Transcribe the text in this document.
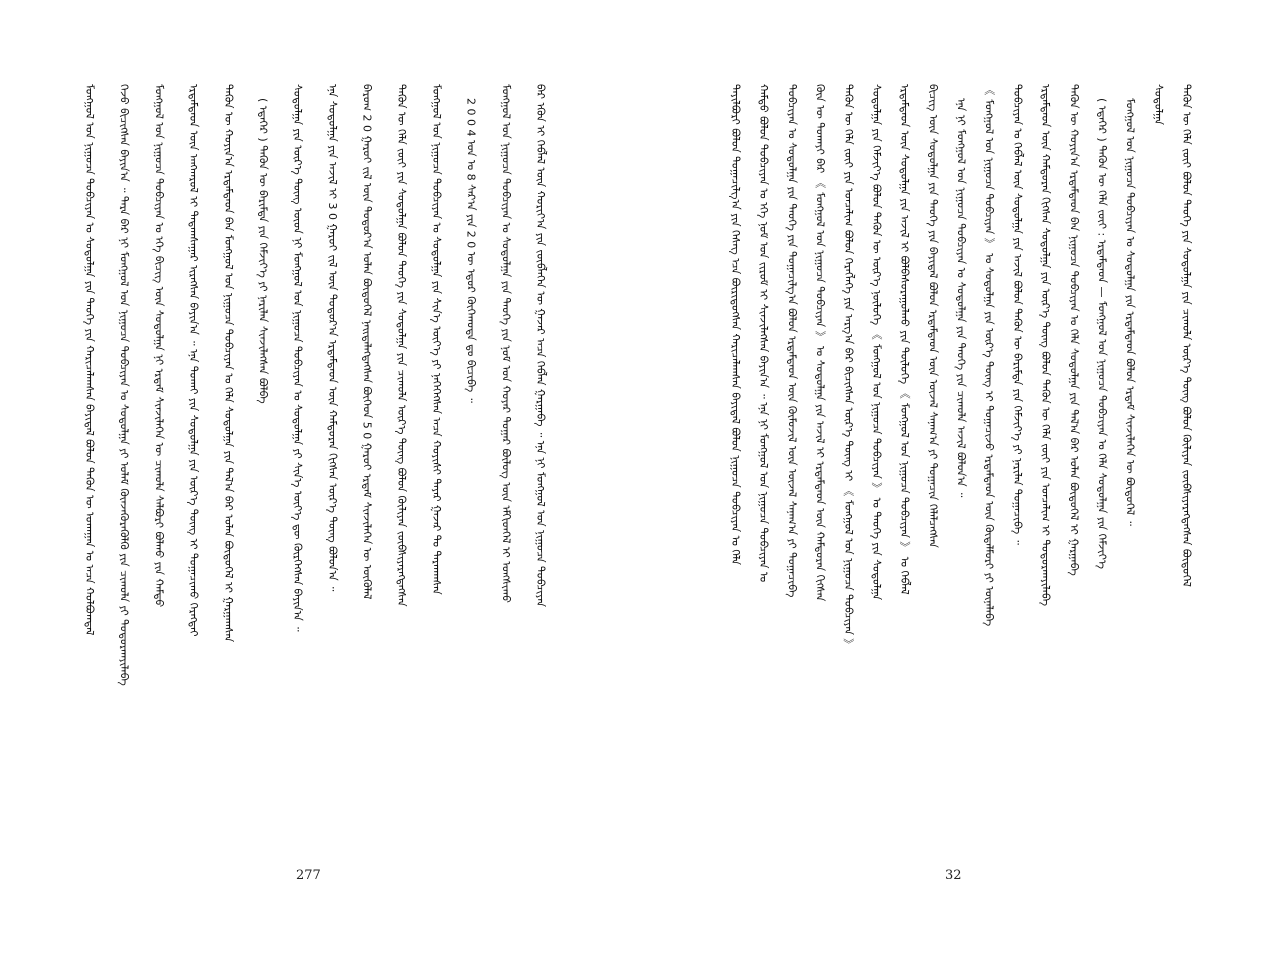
ᠮᠣᠩᠭᠣᠯ ᠤᠨ ᠨᠢᠭᠤᠴᠠ ᠲᠣᠪᠴᠢᠶᠠᠨ ᠤ ᠰᠤᠳᠤᠯᠭᠠ ᠶᠢᠨ ᠲᠡᠦᠬᠡ ᠶᠢᠨ ᠬᠠᠷᠢᠴᠠᠯᠠᠭᠰᠠᠨ ᠪᠠᠶᠢᠳᠠᠯ ᠪᠣᠯᠤᠨ ᠲᠡᠭᠦᠨ ᠦ ᠤᠬᠠᠭᠠᠨ ᠤ ᠠᠴᠠ ᠬᠣᠯᠪᠣᠭᠳᠠᠯ ᠭᠡᠵᠦ ᠪᠢᠴᠢᠭᠰᠡᠨ ᠪᠠᠶᠢᠨ᠎ᠠ ᠃ ᠲᠡᠷᠡ ᠪᠡᠷ ᠨᠢ ᠮᠣᠩᠭᠣᠯ ᠤᠨ ᠨᠢᠭᠤᠴᠠ ᠲᠣᠪᠴᠢᠶᠠᠨ ᠤ ᠰᠤᠳᠤᠯᠭᠠ ᠶᠢ ᠤᠯᠠᠮ ᠭᠦᠨᠵᠡᠭᠦᠷᠡᠭᠦᠯᠬᠦ ᠶᠢᠨ ᠴᠢᠬᠤᠯᠠ ᠶᠢ ᠲᠣᠳᠣᠷᠬᠠᠶᠢᠯᠠᠪᠠ ᠮᠣᠩᠭᠣᠯ ᠤᠨ ᠨᠢᠭᠤᠴᠠ ᠲᠣᠪᠴᠢᠶᠠᠨ ᠤ ᠡᠬᠡ ᠪᠢᠴᠢᠭ ᠦᠨ ᠰᠤᠳᠤᠯᠭᠠ ᠨᠢ ᠡᠷᠳᠡᠮ ᠰᠢᠨᠵᠢᠯᠡᠭᠡᠨ ᠦ ᠴᠢᠬᠤᠯᠠ ᠰᠠᠯᠪᠤᠷᠢ ᠪᠣᠯᠬᠤ ᠶᠢᠨ ᠬᠠᠮᠲᠤ ᠡᠷᠳᠡᠮᠲᠡᠳ ᠦᠨ ᠠᠩᠬᠠᠷᠤᠯ ᠢ ᠲᠠᠲᠠᠭᠰᠠᠭᠠᠷ ᠢᠷᠡᠭᠰᠡᠨ ᠪᠠᠶᠢᠨ᠎ᠠ ᠃ ᠡᠨᠡ ᠲᠤᠬᠠᠢ ᠶᠢᠨ ᠰᠤᠳᠤᠯᠭᠠ ᠶᠢᠨ ᠦᠷ᠎ᠡ ᠳᠦᠩ ᠢ ᠲᠣᠭᠠᠴᠢᠬᠤ ᠬᠡᠷᠡᠭᠲᠡᠢ ᠲᠡᠭᠦᠨ ᠦ ᠬᠣᠶᠢᠨ᠎ᠠ ᠡᠷᠳᠡᠮᠲᠡᠳ ᠪᠡᠨ ᠮᠣᠩᠭᠣᠯ ᠤᠨ ᠨᠢᠭᠤᠴᠠ ᠲᠣᠪᠴᠢᠶᠠᠨ ᠤ ᠬᠡᠯᠡ ᠰᠤᠳᠤᠯᠭᠠ ᠶᠢᠨ ᠲᠠᠯ᠎ᠠ ᠪᠠᠷ ᠣᠯᠠᠨ ᠪᠦᠲᠦᠭᠡᠯ ᠢ ᠭᠠᠷᠭᠠᠭᠰᠠᠨ ( ᠡᠳᠡᠭᠡᠷ ) ᠲᠡᠭᠦᠨ ᠦ ᠪᠠᠷᠢᠮᠲᠠ ᠶᠢᠨ ᠬᠡᠮᠵᠢᠶ᠎ᠡ ᠶᠢ ᠨᠠᠷᠢᠯᠠᠨ ᠰᠢᠨᠵᠢᠯᠡᠭᠰᠡᠨ ᠪᠣᠯᠪᠠ ᠰᠤᠳᠤᠯᠭᠠ ᠶᠢᠨ ᠦᠷ᠎ᠡ ᠳᠦᠩ ᠦᠳ ᠨᠢ ᠮᠣᠩᠭᠣᠯ ᠤᠨ ᠨᠢᠭᠤᠴᠠ ᠲᠣᠪᠴᠢᠶᠠᠨ ᠤ ᠰᠤᠳᠤᠯᠭᠠ ᠶᠢ ᠰᠢᠨ᠎ᠡ ᠦᠶ᠎ᠡ ᠳᠦ ᠬᠦᠷᠭᠡᠭᠰᠡᠨ ᠪᠠᠶᠢᠨ᠎ᠠ ᠃ ᠡᠨᠡ ᠰᠤᠳᠤᠯᠭᠠ ᠶᠢᠨ ᠠᠵᠢᠯ ᠢ 3 0 ᠭᠠᠷᠤᠢ ᠵᠢᠯ ᠦᠨ ᠳᠤᠲᠤᠷ᠎ᠠ ᠡᠷᠳᠡᠮᠲᠡᠳ ᠦᠨ ᠬᠠᠮᠲᠤᠷᠠᠨ ᠬᠢᠭᠰᠡᠨ ᠦᠷ᠎ᠡ ᠳᠦᠩ ᠪᠣᠯᠤᠨ᠎ᠠ ᠃ ᠪᠠᠷᠤᠭ 2 0 ᠭᠠᠷᠤᠢ ᠵᠢᠯ ᠦᠨ ᠳᠤᠲᠤᠷ᠎ᠠ ᠣᠯᠠᠨ ᠪᠦᠲᠦᠭᠡᠯ ᠨᠡᠢᠲᠡᠯᠡᠭᠳᠡᠭᠰᠡᠨ ᠪᠥᠭᠡᠳ 5 0 ᠭᠠᠷᠤᠢ ᠡᠷᠳᠡᠮ ᠰᠢᠨᠵᠢᠯᠡᠭᠡᠨ ᠦ ᠥᠭᠦᠯᠡᠯ ᠲᠡᠭᠦᠨ ᠦ ᠬᠡᠯᠡ ᠵᠦᠢ ᠶᠢᠨ ᠰᠤᠳᠤᠯᠭᠠ ᠪᠣᠯᠤᠨ ᠲᠡᠦᠬᠡ ᠶᠢᠨ ᠰᠤᠳᠤᠯᠭᠠ ᠶᠢᠨ ᠴᠢᠬᠤᠯᠠ ᠦᠷ᠎ᠡ ᠳᠦᠩ ᠪᠣᠯᠤᠨ ᠬᠦᠯᠢᠶᠡᠨ ᠵᠥᠪᠰᠢᠶᠡᠷᠡᠭᠳᠡᠭᠰᠡᠨ ᠮᠣᠩᠭᠣᠯ ᠤᠨ ᠨᠢᠭᠤᠴᠠ ᠲᠣᠪᠴᠢᠶᠠᠨ ᠤ ᠰᠤᠳᠤᠯᠭᠠ ᠶᠢᠨ ᠰᠢᠨ᠎ᠡ ᠦᠶ᠎ᠡ ᠶᠢ ᠨᠡᠭᠡᠭᠡᠭᠰᠡᠨ ᠠᠴᠠ ᠬᠣᠶᠢᠰᠢ ᠳᠠᠶᠠᠷ ᠭᠠᠵᠠᠷ ᠲᠤ ᠲᠠᠷᠬᠠᠭᠰᠠᠨ 2 0 0 4 ᠣᠨ ᠤ 8 ᠰᠠᠷ᠎ᠠ ᠶᠢᠨ 2 0 ᠦ ᠡᠳᠦᠷ ᠬᠥᠬᠡᠬᠣᠲᠠ ᠳᠤ ᠪᠢᠴᠢᠪᠡ ᠃ ᠮᠣᠩᠭᠣᠯ ᠤᠨ ᠨᠢᠭᠤᠴᠠ ᠲᠣᠪᠴᠢᠶᠠᠨ ᠤ ᠰᠤᠳᠤᠯᠭᠠ ᠶᠢᠨ ᠲᠡᠦᠬᠡ ᠶᠢᠨ ᠨᠣᠮ ᠤᠨ ᠬᠣᠶᠠᠷ ᠳᠤᠭᠠᠷ ᠪᠦᠯᠦᠭ ᠦᠨ ᠡᠮᠬᠢᠳᠬᠡᠯ ᠢ ᠤᠩᠰᠢᠬᠤ ᠪᠠᠷ ᠡᠭᠦᠨ ᠢ ᠬᠡᠪᠯᠡᠯ ᠦᠨ ᠬᠣᠷᠢᠶ᠎ᠠ ᠶᠢᠨ ᠵᠥᠪᠯᠡᠭᠡᠨ ᠦ ᠭᠠᠵᠠᠷ ᠠᠴᠠ ᠬᠡᠪᠯᠡᠨ ᠭᠠᠷᠭᠠᠪᠠ ᠃ ᠡᠨᠡ ᠨᠢ ᠮᠣᠩᠭᠣᠯ ᠤᠨ ᠨᠢᠭᠤᠴᠠ ᠲᠣᠪᠴᠢᠶᠠᠨ
277
ᠲᠠᠶᠢᠯᠪᠤᠷᠢ ᠪᠣᠯᠤᠨ ᠲᠣᠭᠠᠴᠢᠯᠭ᠎ᠠ ᠶᠢᠨ ᠬᠡᠰᠡᠭ ᠡᠴᠡ ᠪᠦᠷᠢᠳᠦᠭᠰᠡᠨ ᠬᠠᠷᠢᠴᠠᠯᠠᠭᠰᠠᠨ ᠪᠠᠶᠢᠳᠠᠯ ᠪᠣᠯᠤᠨ ᠨᠢᠭᠤᠴᠠ ᠲᠣᠪᠴᠢᠶᠠᠨ ᠤ ᠬᠡᠯᠡ ᠬᠠᠮᠲᠤ ᠪᠣᠯᠤᠨ ᠲᠣᠪᠴᠢᠶᠠᠨ ᠤ ᠡᠬᠡ ᠨᠣᠮ ᠤᠨ ᠵᠢᠷᠤᠮ ᠢ ᠰᠢᠨᠵᠢᠯᠡᠭᠰᠡᠨ ᠪᠠᠶᠢᠨ᠎ᠠ ᠃ ᠡᠨᠡ ᠨᠢ ᠮᠣᠩᠭᠣᠯ ᠤᠨ ᠨᠢᠭᠤᠴᠠ ᠲᠣᠪᠴᠢᠶᠠᠨ ᠤ ᠲᠣᠪᠴᠢᠶᠠᠨ ᠤ ᠰᠤᠳᠤᠯᠭᠠ ᠶᠢᠨ ᠲᠡᠦᠬᠡ ᠶᠢᠨ ᠲᠣᠭᠠᠴᠢᠯᠭ᠎ᠠ ᠪᠣᠯᠤᠨ ᠡᠷᠳᠡᠮᠲᠡᠳ ᠦᠨ ᠬᠦᠮᠦᠵᠢᠯ ᠦᠨ ᠦᠵᠡᠯ ᠰᠠᠨᠠᠭ᠎ᠠ ᠶᠢ ᠲᠣᠭᠠᠴᠢᠪᠠ ᠭᠦᠨ ᠦ ᠲᠤᠬᠠᠶᠢ ᠪᠠᠷ 《 ᠮᠣᠩᠭᠣᠯ ᠤᠨ ᠨᠢᠭᠤᠴᠠ ᠲᠣᠪᠴᠢᠶᠠᠨ 》 ᠤ ᠰᠤᠳᠤᠯᠭᠠ ᠶᠢᠨ ᠠᠵᠢᠯ ᠢ ᠡᠷᠳᠡᠮᠲᠡᠳ ᠦᠨ ᠬᠠᠮᠲᠤᠷᠠᠨ ᠬᠢᠭᠰᠡᠨ ᠲᠡᠭᠦᠨ ᠦ ᠬᠡᠯᠡ ᠵᠦᠢ ᠶᠢᠨ ᠣᠨᠴᠠᠯᠢᠭ ᠪᠣᠯᠤᠨ ᠬᠡᠷᠡᠭᠯᠡᠭᠡ ᠶᠢᠨ ᠠᠷᠭ᠎ᠠ ᠪᠠᠷ ᠪᠢᠴᠢᠭᠰᠡᠨ ᠦᠷ᠎ᠡ ᠳᠦᠩ ᠢ 《 ᠮᠣᠩᠭᠣᠯ ᠤᠨ ᠨᠢᠭᠤᠴᠠ ᠲᠣᠪᠴᠢᠶᠠᠨ 》 ᠰᠤᠳᠤᠯᠭᠠ ᠶᠢᠨ ᠬᠡᠮᠵᠢᠶ᠎ᠡ ᠪᠣᠯᠤᠨ ᠲᠡᠭᠦᠨ ᠦ ᠦᠷ᠎ᠡ ᠨᠥᠯᠦᠭᠡ 《 ᠮᠣᠩᠭᠣᠯ ᠤᠨ ᠨᠢᠭᠤᠴᠠ ᠲᠣᠪᠴᠢᠶᠠᠨ 》 ᠤ ᠲᠡᠦᠬᠡ ᠶᠢᠨ ᠰᠤᠳᠤᠯᠭᠠ ᠡᠷᠳᠡᠮᠲᠡᠳ ᠦᠨ ᠰᠤᠳᠤᠯᠭᠠ ᠶᠢᠨ ᠠᠵᠢᠯ ᠢ ᠪᠣᠯᠪᠠᠰᠤᠷᠠᠭᠤᠯᠬᠤ ᠶᠢᠨ ᠲᠥᠯᠦᠭᠡ 《 ᠮᠣᠩᠭᠣᠯ ᠤᠨ ᠨᠢᠭᠤᠴᠠ ᠲᠣᠪᠴᠢᠶᠠᠨ 》 ᠤ ᠬᠡᠪᠯᠡᠯ ᠪᠢᠴᠢᠭ ᠦᠨ ᠰᠤᠳᠤᠯᠭᠠ ᠶᠢᠨ ᠲᠡᠦᠬᠡ ᠶᠢᠨ ᠪᠠᠶᠢᠳᠠᠯ ᠪᠣᠯᠤᠨ ᠡᠷᠳᠡᠮᠲᠡᠳ ᠦᠨ ᠦᠵᠡᠯ ᠰᠠᠨᠠᠭ᠎ᠠ ᠶᠢ ᠲᠣᠭᠠᠴᠢᠨ ᠬᠡᠯᠡᠯᠴᠡᠭᠰᠡᠨ ᠡᠨᠡ ᠨᠢ ᠮᠣᠩᠭᠣᠯ ᠤᠨ ᠨᠢᠭᠤᠴᠠ ᠲᠣᠪᠴᠢᠶᠠᠨ ᠤ ᠰᠤᠳᠤᠯᠭᠠ ᠶᠢᠨ ᠲᠡᠦᠬᠡ ᠶᠢᠨ ᠴᠢᠬᠤᠯᠠ ᠠᠵᠢᠯ ᠪᠣᠯᠤᠨ᠎ᠠ ᠃ 《 ᠮᠣᠩᠭᠣᠯ ᠤᠨ ᠨᠢᠭᠤᠴᠠ ᠲᠣᠪᠴᠢᠶᠠᠨ 》 ᠤ ᠰᠤᠳᠤᠯᠭᠠ ᠶᠢᠨ ᠦᠷ᠎ᠡ ᠳᠦᠩ ᠢ ᠲᠣᠭᠠᠴᠢᠵᠤ ᠡᠷᠳᠡᠮᠲᠡᠳ ᠦᠨ ᠬᠥᠳᠡᠯᠮᠦᠷᠢ ᠶᠢ ᠦᠨᠡᠯᠡᠪᠡ ᠲᠣᠪᠴᠢᠶᠠᠨ ᠤ ᠬᠡᠪᠯᠡᠯ ᠦᠨ ᠰᠤᠳᠤᠯᠭᠠ ᠶᠢᠨ ᠠᠵᠢᠯ ᠪᠣᠯᠤᠨ ᠲᠡᠭᠦᠨ ᠦ ᠪᠠᠷᠢᠮᠲᠠ ᠶᠢᠨ ᠬᠡᠮᠵᠢᠶ᠎ᠡ ᠶᠢ ᠨᠠᠷᠢᠯᠠᠨ ᠲᠣᠭᠠᠴᠢᠪᠠ ᠃ ᠡᠷᠳᠡᠮᠲᠡᠳ ᠦᠨ ᠬᠠᠮᠲᠤᠷᠠᠨ ᠬᠢᠭᠰᠡᠨ ᠰᠤᠳᠤᠯᠭᠠ ᠶᠢᠨ ᠦᠷ᠎ᠡ ᠳᠦᠩ ᠪᠣᠯᠤᠨ ᠲᠡᠭᠦᠨ ᠦ ᠬᠡᠯᠡ ᠵᠦᠢ ᠶᠢᠨ ᠣᠨᠴᠠᠯᠢᠭ ᠢ ᠲᠣᠳᠣᠷᠬᠠᠶᠢᠯᠠᠪᠠ ᠲᠡᠭᠦᠨ ᠦ ᠬᠣᠶᠢᠨ᠎ᠠ ᠡᠷᠳᠡᠮᠲᠡᠳ ᠪᠡᠨ ᠨᠢᠭᠤᠴᠠ ᠲᠣᠪᠴᠢᠶᠠᠨ ᠤ ᠬᠡᠯᠡ ᠰᠤᠳᠤᠯᠭᠠ ᠶᠢᠨ ᠲᠠᠯ᠎ᠠ ᠪᠠᠷ ᠣᠯᠠᠨ ᠪᠦᠲᠦᠭᠡᠯ ᠢ ᠭᠠᠷᠭᠠᠪᠠ ( ᠡᠳᠡᠭᠡᠷ ) ᠲᠡᠭᠦᠨ ᠦ ᠬᠡᠯᠡ ᠵᠦᠢ : ᠡᠷᠳᠡᠮᠲᠡᠳ — ᠮᠣᠩᠭᠣᠯ ᠤᠨ ᠨᠢᠭᠤᠴᠠ ᠲᠣᠪᠴᠢᠶᠠᠨ ᠤ ᠬᠡᠯᠡ ᠰᠤᠳᠤᠯᠭᠠ ᠶᠢᠨ ᠬᠡᠮᠵᠢᠶ᠎ᠡ ᠮᠣᠩᠭᠣᠯ ᠤᠨ ᠨᠢᠭᠤᠴᠠ ᠲᠣᠪᠴᠢᠶᠠᠨ ᠤ ᠰᠤᠳᠤᠯᠭᠠ ᠶᠢᠨ ᠡᠷᠳᠡᠮᠲᠡᠳ ᠪᠣᠯᠤᠨ ᠡᠷᠳᠡᠮ ᠰᠢᠨᠵᠢᠯᠡᠭᠡᠨ ᠦ ᠪᠦᠲᠦᠭᠡᠯ ᠃ ᠰᠤᠳᠤᠯᠭᠠ ᠲᠡᠭᠦᠨ ᠦ ᠬᠡᠯᠡ ᠵᠦᠢ ᠪᠣᠯᠤᠨ ᠲᠡᠦᠬᠡ ᠶᠢᠨ ᠰᠤᠳᠤᠯᠭᠠ ᠶᠢᠨ ᠴᠢᠬᠤᠯᠠ ᠦᠷ᠎ᠡ ᠳᠦᠩ ᠪᠣᠯᠤᠨ ᠬᠦᠯᠢᠶᠡᠨ ᠵᠥᠪᠰᠢᠶᠡᠷᠡᠭᠳᠡᠭᠰᠡᠨ ᠪᠦᠲᠦᠭᠡᠯ
32
